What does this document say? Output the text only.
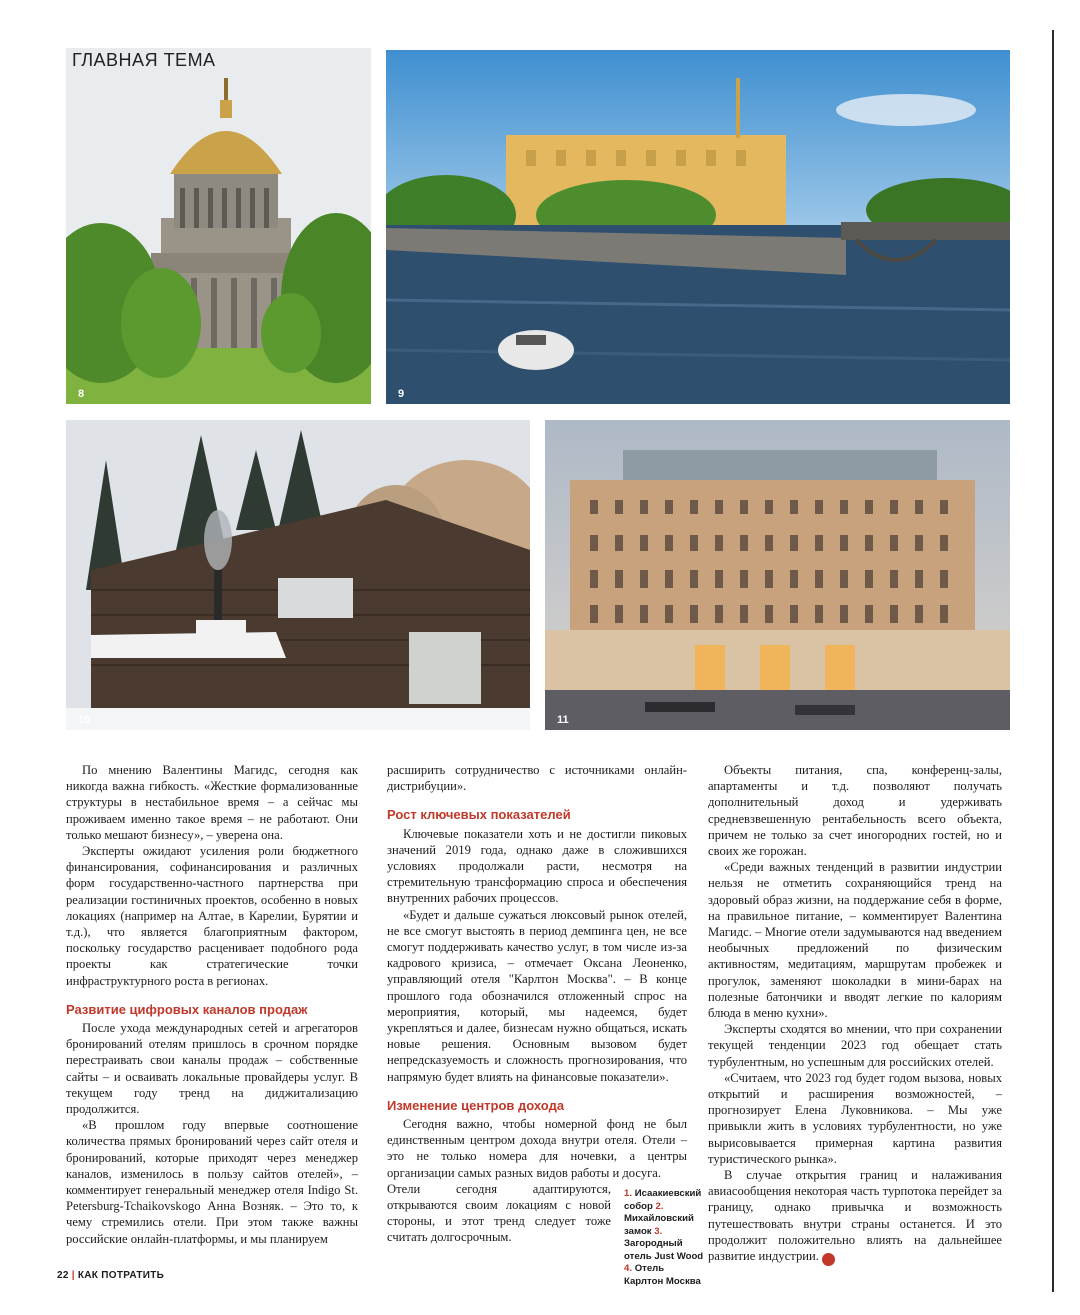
8
ГЛАВНАЯ ТЕМА
9
10	11

По мнению Валентины Магидс, сегодня как никогда важна гибкость. «Жесткие формализованные структуры в нестабильное время – а сейчас мы проживаем именно такое время – не работают. Они только мешают бизнесу», – уверена она.

Эксперты ожидают усиления роли бюджетного финансирования, софинансирования и различных форм государственно-частного партнерства при реализации гостиничных проектов, особенно в новых локациях (например на Алтае, в Карелии, Бурятии и т.д.), что является благоприятным фактором, поскольку государство расценивает подобного рода проекты как стратегические точки инфраструктурного роста в регионах.

Развитие цифровых каналов продаж

После ухода международных сетей и агрегаторов бронирований отелям пришлось в срочном порядке перестраивать свои каналы продаж – собственные сайты – и осваивать локальные провайдеры услуг. В текущем году тренд на диджитализацию продолжится.

«В прошлом году впервые соотношение количества прямых бронирований через сайт отеля и бронирований, которые приходят через менеджер каналов, изменилось в пользу сайтов отелей», – комментирует генеральный менеджер отеля Indigo St. Petersburg-Tchaikovskogo Анна Возняк. – Это то, к чему стремились отели. При этом также важны российские онлайн-платформы, и мы планируем

расширить сотрудничество с источниками онлайн-дистрибуции».

Рост ключевых показателей

Ключевые показатели хоть и не достигли пиковых значений 2019 года, однако даже в сложившихся условиях продолжали расти, несмотря на стремительную трансформацию спроса и обеспечения внутренних рабочих процессов.

«Будет и дальше сужаться люксовый рынок отелей, не все смогут выстоять в период демпинга цен, не все смогут поддерживать качество услуг, в том числе из-за кадрового кризиса, – отмечает Оксана Леоненко, управляющий отеля "Карлтон Москва". – В конце прошлого года обозначился отложенный спрос на мероприятия, который, мы надеемся, будет укрепляться и далее, бизнесам нужно общаться, искать новые решения. Основным вызовом будет непредсказуемость и сложность прогнозирования, что напрямую будет влиять на финансовые показатели».

Изменение центров дохода

Сегодня важно, чтобы номерной фонд не был единственным центром дохода внутри отеля. Отели – это не только номера для ночевки, а центры организации самых разных видов работы и досуга.

Отели сегодня адаптируются, открываются своим локациям с новой стороны, и этот тренд следует тоже считать долгосрочным.

1. Исаакиевский собор 2. Михайловский замок 3. Загородный отель Just Wood 4. Отель Карлтон Москва

Объекты питания, спа, конференц-залы, апартаменты и т.д. позволяют получать дополнительный доход и удерживать средневзвешенную рентабельность всего объекта, причем не только за счет иногородних гостей, но и своих же горожан.

«Среди важных тенденций в развитии индустрии нельзя не отметить сохраняющийся тренд на здоровый образ жизни, на поддержание себя в форме, на правильное питание, – комментирует Валентина Магидс. – Многие отели задумываются над введением необычных предложений по физическим активностям, медитациям, маршрутам пробежек и прогулок, заменяют шоколадки в мини-барах на полезные батончики и вводят легкие по калориям блюда в меню кухни».

Эксперты сходятся во мнении, что при сохранении текущей тенденции 2023 год обещает стать турбулентным, но успешным для российских отелей.

«Считаем, что 2023 год будет годом вызова, новых открытий и расширения возможностей, – прогнозирует Елена Луковникова. – Мы уже привыкли жить в условиях турбулентности, но уже вырисовывается примерная картина развития туристического рынка».

В случае открытия границ и налаживания авиасообщения некоторая часть турпотока перейдет за границу, однако привычка и возможность путешествовать внутри страны останется. И это продолжит положительно влиять на дальнейшее развитие индустрии. К

22 | КАК ПОТРАТИТЬ
